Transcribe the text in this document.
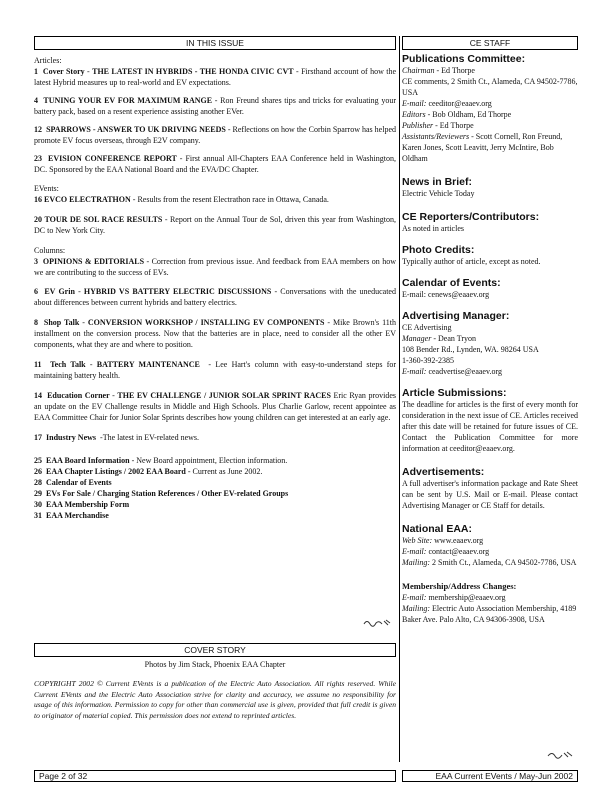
IN THIS ISSUE
Articles:
1 Cover Story - THE LATEST IN HYBRIDS - THE HONDA CIVIC CVT - Firsthand account of how the latest Hybrid measures up to real-world and EV expectations.
4 TUNING YOUR EV FOR MAXIMUM RANGE - Ron Freund shares tips and tricks for evaluating your battery pack, based on a resent experience assisting another EVer.
12 SPARROWS - ANSWER TO UK DRIVING NEEDS - Reflections on how the Corbin Sparrow has helped promote EV focus overseas, through E2V company.
23 EVISION CONFERENCE REPORT - First annual All-Chapters EAA Conference held in Washington, DC. Sponsored by the EAA National Board and the EVA/DC Chapter.
EVents:
16 EVCO ELECTRATHON - Results from the resent Electrathon race in Ottawa, Canada.
20 TOUR DE SOL RACE RESULTS - Report on the Annual Tour de Sol, driven this year from Washington, DC to New York City.
Columns:
3 OPINIONS & EDITORIALS - Correction from previous issue. And feedback from EAA members on how we are contributing to the success of EVs.
6 EV Grin - HYBRID VS BATTERY ELECTRIC DISCUSSIONS - Conversations with the uneducated about differences between current hybrids and battery electrics.
8 Shop Talk - CONVERSION WORKSHOP / INSTALLING EV COMPONENTS - Mike Brown's 11th installment on the conversion process. Now that the batteries are in place, need to consider all the other EV components, what they are and where to position.
11 Tech Talk - BATTERY MAINTENANCE  - Lee Hart's column with easy-to-understand steps for maintaining battery health.
14 Education Corner - THE EV CHALLENGE / JUNIOR SOLAR SPRINT RACES Eric Ryan provides an update on the EV Challenge results in Middle and High Schools. Plus Charlie Garlow, recent appointee as EAA Committee Chair for Junior Solar Sprints describes how young children can get interested at an early age.
17 Industry News  -The latest in EV-related news.
25 EAA Board Information - New Board appointment, Election information.
26 EAA Chapter Listings / 2002 EAA Board - Current as June 2002.
28 Calendar of Events
29 EVs For Sale / Charging Station References / Other EV-related Groups
30 EAA Membership Form
31 EAA Merchandise
COVER STORY
Photos by Jim Stack, Phoenix EAA Chapter
COPYRIGHT 2002 © Current EVents is a publication of the Electric Auto Association. All rights reserved. While Current EVents and the Electric Auto Association strive for clarity and accuracy, we assume no responsibility for usage of this information. Permission to copy for other than commercial use is given, provided that full credit is given to originator of material copied. This permission does not extend to reprinted articles.
CE STAFF
Publications Committee:
Chairman - Ed Thorpe
CE comments, 2 Smith Ct., Alameda, CA 94502-7786, USA
E-mail: ceeditor@eaaev.org
Editors - Bob Oldham, Ed Thorpe
Publisher - Ed Thorpe
Assistants/Reviewers - Scott Cornell, Ron Freund, Karen Jones, Scott Leavitt, Jerry McIntire, Bob Oldham
News in Brief:
Electric Vehicle Today
CE Reporters/Contributors:
As noted in articles
Photo Credits:
Typically author of article, except as noted.
Calendar of Events:
E-mail: cenews@eaaev.org
Advertising Manager:
CE Advertising
Manager - Dean Tryon
108 Bender Rd., Lynden, WA. 98264 USA
1-360-392-2385
E-mail: ceadvertise@eaaev.org
Article Submissions:
The deadline for articles is the first of every month for consideration in the next issue of CE. Articles received after this date will be retained for future issues of CE. Contact the Publication Committee for more information at ceeditor@eaaev.org.
Advertisements:
A full advertiser's information package and Rate Sheet can be sent by U.S. Mail or E-mail. Please contact Advertising Manager or CE Staff for details.
National EAA:
Web Site: www.eaaev.org
E-mail: contact@eaaev.org
Mailing: 2 Smith Ct., Alameda, CA 94502-7786, USA
Membership/Address Changes:
E-mail: membership@eaaev.org
Mailing: Electric Auto Association Membership, 4189 Baker Ave. Palo Alto, CA 94306-3908, USA
Page 2 of 32	EAA Current EVents / May-Jun 2002
